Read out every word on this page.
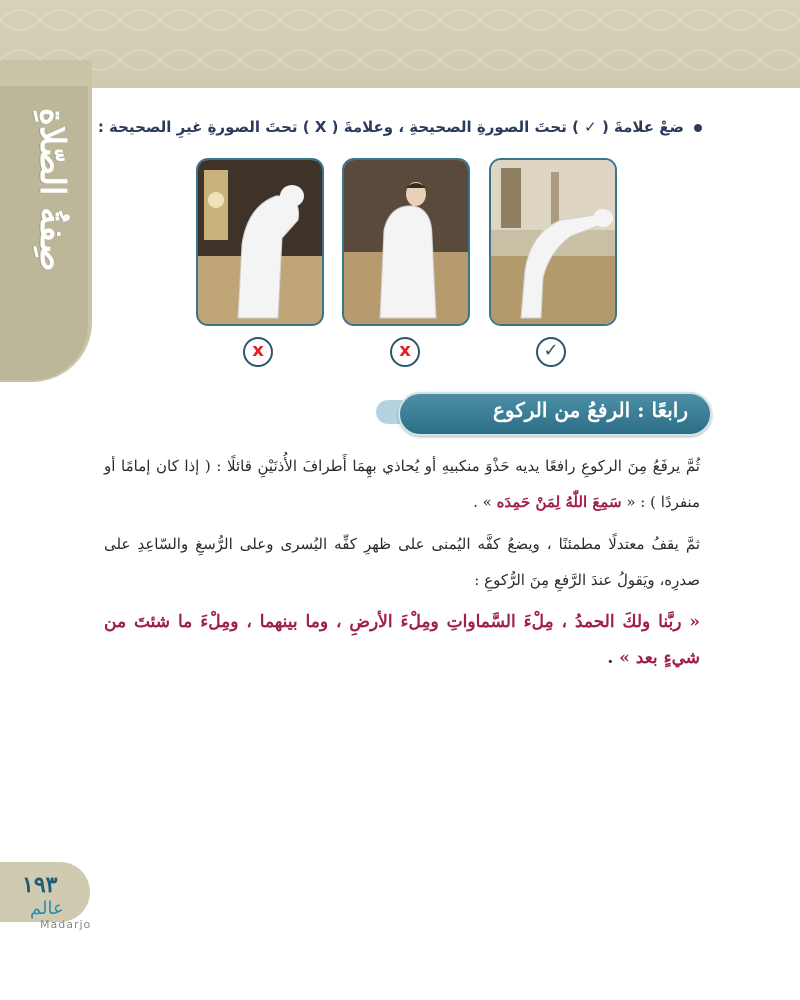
صِفةُ الصّلاةِ	ضعْ علامةَ ( ✓ ) تحتَ الصورةِ الصحيحةِ ، وعلامةَ ( X ) تحتَ الصورةِ غيرِ الصحيحة :
✓
x
x
رابعًا : الرفعُ من الركوع
ثُمَّ يرفَعُ مِنَ الركوعِ رافعًا يديه حَذْوَ منكبيهِ أو يُحاذي بهِمَا أَطرافَ الأُذنَيْنِ قائلًا : ( إذا كان إمامًا أو منفردًا ) : « سَمِعَ اللّٰهُ لِمَنْ حَمِدَه » .
ثمَّ يقفُ معتدلًا مطمئنًا ، ويضعُ كفَّه اليُمنى على ظهرِ كفِّه اليُسرى وعلى الرُّسغِ والسّاعِدِ على صدرِه، ويَقولُ عندَ الرَّفعِ مِنَ الرُّكوعِ :
« ربَّنا ولكَ الحمدُ ، مِلْءَ السَّماواتِ ومِلْءَ الأرضِ ، وما بينهما ، ومِلْءَ ما شئتَ من شيءٍ بعد » .
١٩٣
عالم
Madarjo
